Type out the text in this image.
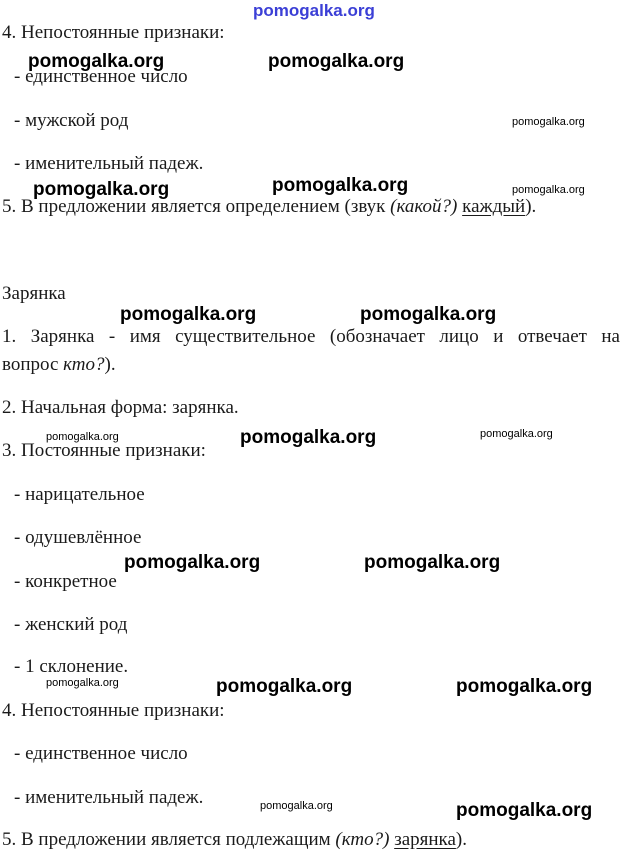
4. Непостоянные признаки:

- единственное число

- мужской род

- именительный падеж.

5. В предложении является определением (звук (какой?) каждый).

Зарянка

1. Зарянка - имя существительное (обозначает лицо и отвечает на

вопрос кто?).

2. Начальная форма: зарянка.

3. Постоянные признаки:

- нарицательное

- одушевлённое

- конкретное

- женский род

- 1 склонение.

4. Непостоянные признаки:

- единственное число

- именительный падеж.

5. В предложении является подлежащим (кто?) зарянка).

pomogalka.org
pomogalka.org	pomogalka.org
pomogalka.org
pomogalka.org	pomogalka.org	pomogalka.org
pomogalka.org	pomogalka.org
pomogalka.org	pomogalka.org	pomogalka.org
pomogalka.org	pomogalka.org
pomogalka.org	pomogalka.org	pomogalka.org
pomogalka.org	pomogalka.org
